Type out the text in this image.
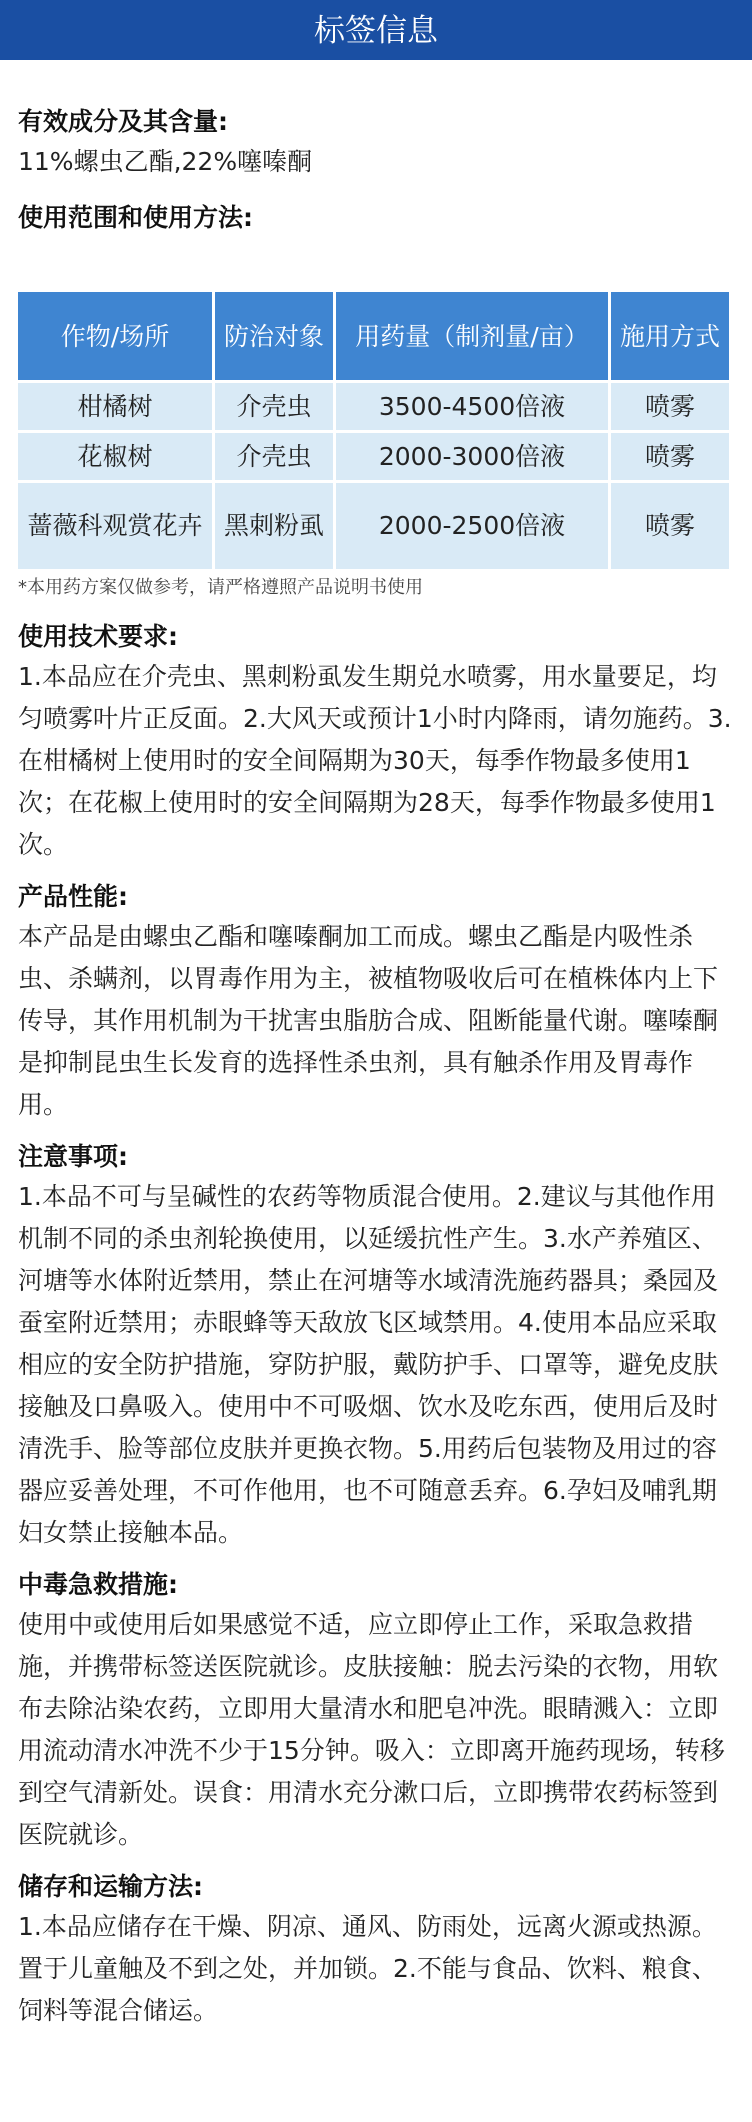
标签信息
有效成分及其含量:
11%螺虫乙酯,22%噻嗪酮
使用范围和使用方法:
作物/场所	防治对象	用药量（制剂量/亩）	施用方式
柑橘树	介壳虫	3500-4500倍液	喷雾
花椒树	介壳虫	2000-3000倍液	喷雾
蔷薇科观赏花卉	黑刺粉虱	2000-2500倍液	喷雾
*本用药方案仅做参考，请严格遵照产品说明书使用
使用技术要求:
1.本品应在介壳虫、黑刺粉虱发生期兑水喷雾，用水量要足，均匀喷雾叶片正反面。2.大风天或预计1小时内降雨，请勿施药。3.在柑橘树上使用时的安全间隔期为30天，每季作物最多使用1次；在花椒上使用时的安全间隔期为28天，每季作物最多使用1次。
产品性能:
本产品是由螺虫乙酯和噻嗪酮加工而成。螺虫乙酯是内吸性杀虫、杀螨剂，以胃毒作用为主，被植物吸收后可在植株体内上下传导，其作用机制为干扰害虫脂肪合成、阻断能量代谢。噻嗪酮是抑制昆虫生长发育的选择性杀虫剂，具有触杀作用及胃毒作用。
注意事项:
1.本品不可与呈碱性的农药等物质混合使用。2.建议与其他作用机制不同的杀虫剂轮换使用，以延缓抗性产生。3.水产养殖区、河塘等水体附近禁用，禁止在河塘等水域清洗施药器具；桑园及蚕室附近禁用；赤眼蜂等天敌放飞区域禁用。4.使用本品应采取相应的安全防护措施，穿防护服，戴防护手、口罩等，避免皮肤接触及口鼻吸入。使用中不可吸烟、饮水及吃东西，使用后及时清洗手、脸等部位皮肤并更换衣物。5.用药后包装物及用过的容器应妥善处理，不可作他用，也不可随意丢弃。6.孕妇及哺乳期妇女禁止接触本品。
中毒急救措施:
使用中或使用后如果感觉不适，应立即停止工作，采取急救措施，并携带标签送医院就诊。皮肤接触：脱去污染的衣物，用软布去除沾染农药，立即用大量清水和肥皂冲洗。眼睛溅入：立即用流动清水冲洗不少于15分钟。吸入：立即离开施药现场，转移到空气清新处。误食：用清水充分漱口后，立即携带农药标签到医院就诊。
储存和运输方法:
1.本品应储存在干燥、阴凉、通风、防雨处，远离火源或热源。置于儿童触及不到之处，并加锁。2.不能与食品、饮料、粮食、饲料等混合储运。
